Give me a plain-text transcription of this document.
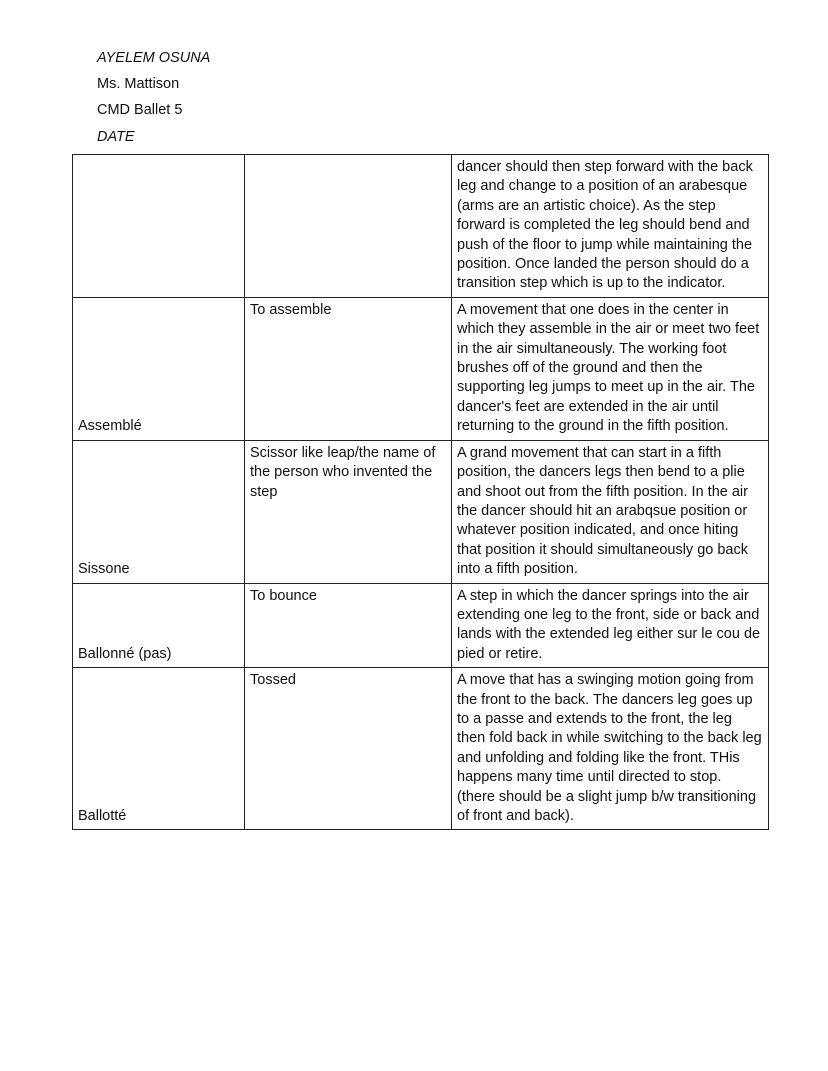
AYELEM OSUNA
Ms. Mattison
CMD Ballet 5
DATE
		dancer should then step forward with the back leg and change to a position of an arabesque (arms are an artistic choice). As the step forward is completed the leg should bend and push of the floor to jump while maintaining the position. Once landed the person should do a transition step which is up to the indicator.
Assemblé	To assemble	A movement that one does in the center in which they assemble in the air or meet two feet in the air simultaneously. The working foot brushes off of the ground and then the supporting leg jumps to meet up in the air. The dancer's feet are extended in the air until returning to the ground in the fifth position.
Sissone	Scissor like leap/the name of the person who invented the step	A grand movement that can start in a fifth position, the dancers legs then bend to a plie and shoot out from the fifth position. In the air the dancer should hit an arabqsue position or whatever position indicated, and once hiting that position it should simultaneously go back into a fifth position.
Ballonné (pas)	To bounce	A step in which the dancer springs into the air extending one leg to the front, side or back and lands with the extended leg either sur le cou de pied or retire.
Ballotté	Tossed	A move that has a swinging motion going from the front to the back. The dancers leg goes up to a passe and extends to the front, the leg then fold back in while switching to the back leg and unfolding and folding like the front. THis happens many time until directed to stop. (there should be a slight jump b/w transitioning of front and back).
